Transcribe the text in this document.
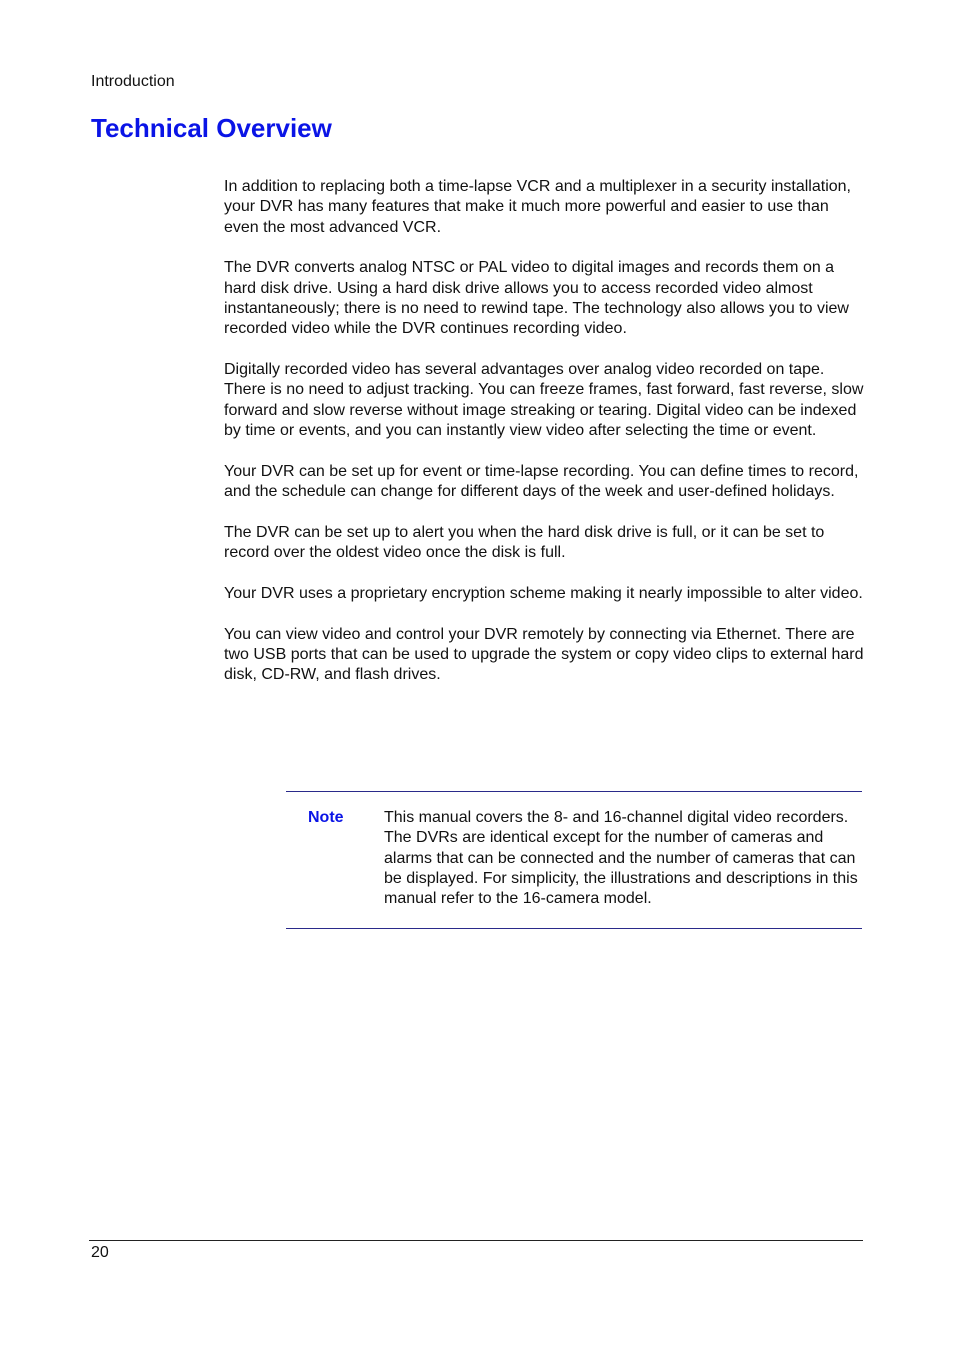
Introduction
Technical Overview

In addition to replacing both a time-lapse VCR and a multiplexer in a security installation, your DVR has many features that make it much more powerful and easier to use than even the most advanced VCR.

The DVR converts analog NTSC or PAL video to digital images and records them on a hard disk drive. Using a hard disk drive allows you to access recorded video almost instantaneously; there is no need to rewind tape. The technology also allows you to view recorded video while the DVR continues recording video.

Digitally recorded video has several advantages over analog video recorded on tape. There is no need to adjust tracking. You can freeze frames, fast forward, fast reverse, slow forward and slow reverse without image streaking or tearing. Digital video can be indexed by time or events, and you can instantly view video after selecting the time or event.

Your DVR can be set up for event or time-lapse recording. You can define times to record, and the schedule can change for different days of the week and user-defined holidays.

The DVR can be set up to alert you when the hard disk drive is full, or it can be set to record over the oldest video once the disk is full.

Your DVR uses a proprietary encryption scheme making it nearly impossible to alter video.

You can view video and control your DVR remotely by connecting via Ethernet. There are two USB ports that can be used to upgrade the system or copy video clips to external hard disk, CD-RW, and flash drives.

Note	This manual covers the 8- and 16-channel digital video recorders. The DVRs are identical except for the number of cameras and alarms that can be connected and the number of cameras that can be displayed. For simplicity, the illustrations and descriptions in this manual refer to the 16-camera model.

20
